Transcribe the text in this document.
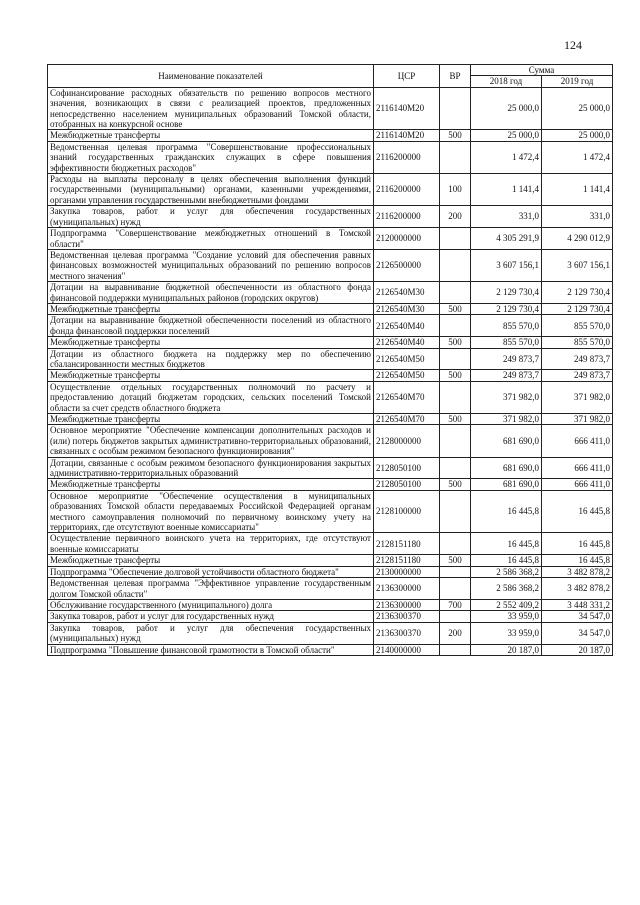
124
Наименование показателей	ЦСР	ВР	Сумма	
			2018 год	2019 год
Софинансирование расходных обязательств по решению вопросов местного значения, возникающих в связи с реализацией проектов, предложенных непосредственно населением муниципальных образований Томской области, отобранных на конкурсной основе	2116140M20		25 000,0	25 000,0
Межбюджетные трансферты	2116140M20	500	25 000,0	25 000,0
Ведомственная целевая программа "Совершенствование профессиональных знаний государственных гражданских служащих в сфере повышения эффективности бюджетных расходов"	2116200000		1 472,4	1 472,4
Расходы на выплаты персоналу в целях обеспечения выполнения функций государственными (муниципальными) органами, казенными учреждениями, органами управления государственными внебюджетными фондами	2116200000	100	1 141,4	1 141,4
Закупка товаров, работ и услуг для обеспечения государственных (муниципальных) нужд	2116200000	200	331,0	331,0
Подпрограмма "Совершенствование межбюджетных отношений в Томской области"	2120000000		4 305 291,9	4 290 012,9
Ведомственная целевая программа "Создание условий для обеспечения равных финансовых возможностей муниципальных образований по решению вопросов местного значения"	2126500000		3 607 156,1	3 607 156,1
Дотации на выравнивание бюджетной обеспеченности из областного фонда финансовой поддержки муниципальных районов (городских округов)	2126540M30		2 129 730,4	2 129 730,4
Межбюджетные трансферты	2126540M30	500	2 129 730,4	2 129 730,4
Дотации на выравнивание бюджетной обеспеченности поселений из областного фонда финансовой поддержки поселений	2126540M40		855 570,0	855 570,0
Межбюджетные трансферты	2126540M40	500	855 570,0	855 570,0
Дотации из областного бюджета на поддержку мер по обеспечению сбалансированности местных бюджетов	2126540M50		249 873,7	249 873,7
Межбюджетные трансферты	2126540M50	500	249 873,7	249 873,7
Осуществление отдельных государственных полномочий по расчету и предоставлению дотаций бюджетам городских, сельских поселений Томской области за счет средств областного бюджета	2126540M70		371 982,0	371 982,0
Межбюджетные трансферты	2126540M70	500	371 982,0	371 982,0
Основное мероприятие "Обеспечение компенсации дополнительных расходов и (или) потерь бюджетов закрытых административно-территориальных образований, связанных с особым режимом безопасного функционирования"	2128000000		681 690,0	666 411,0
Дотации, связанные с особым режимом безопасного функционирования закрытых административно-территориальных образований	2128050100		681 690,0	666 411,0
Межбюджетные трансферты	2128050100	500	681 690,0	666 411,0
Основное мероприятие "Обеспечение осуществления в муниципальных образованиях Томской области передаваемых Российской Федерацией органам местного самоуправления полномочий по первичному воинскому учету на территориях, где отсутствуют военные комиссариаты"	2128100000		16 445,8	16 445,8
Осуществление первичного воинского учета на территориях, где отсутствуют военные комиссариаты	2128151180		16 445,8	16 445,8
Межбюджетные трансферты	2128151180	500	16 445,8	16 445,8
Подпрограмма "Обеспечение долговой устойчивости областного бюджета"	2130000000		2 586 368,2	3 482 878,2
Ведомственная целевая программа "Эффективное управление государственным долгом Томской области"	2136300000		2 586 368,2	3 482 878,2
Обслуживание государственного (муниципального) долга	2136300000	700	2 552 409,2	3 448 331,2
Закупка товаров, работ и услуг для государственных нужд	2136300370		33 959,0	34 547,0
Закупка товаров, работ и услуг для обеспечения государственных (муниципальных) нужд	2136300370	200	33 959,0	34 547,0
Подпрограмма "Повышение финансовой грамотности в Томской области"	2140000000		20 187,0	20 187,0
